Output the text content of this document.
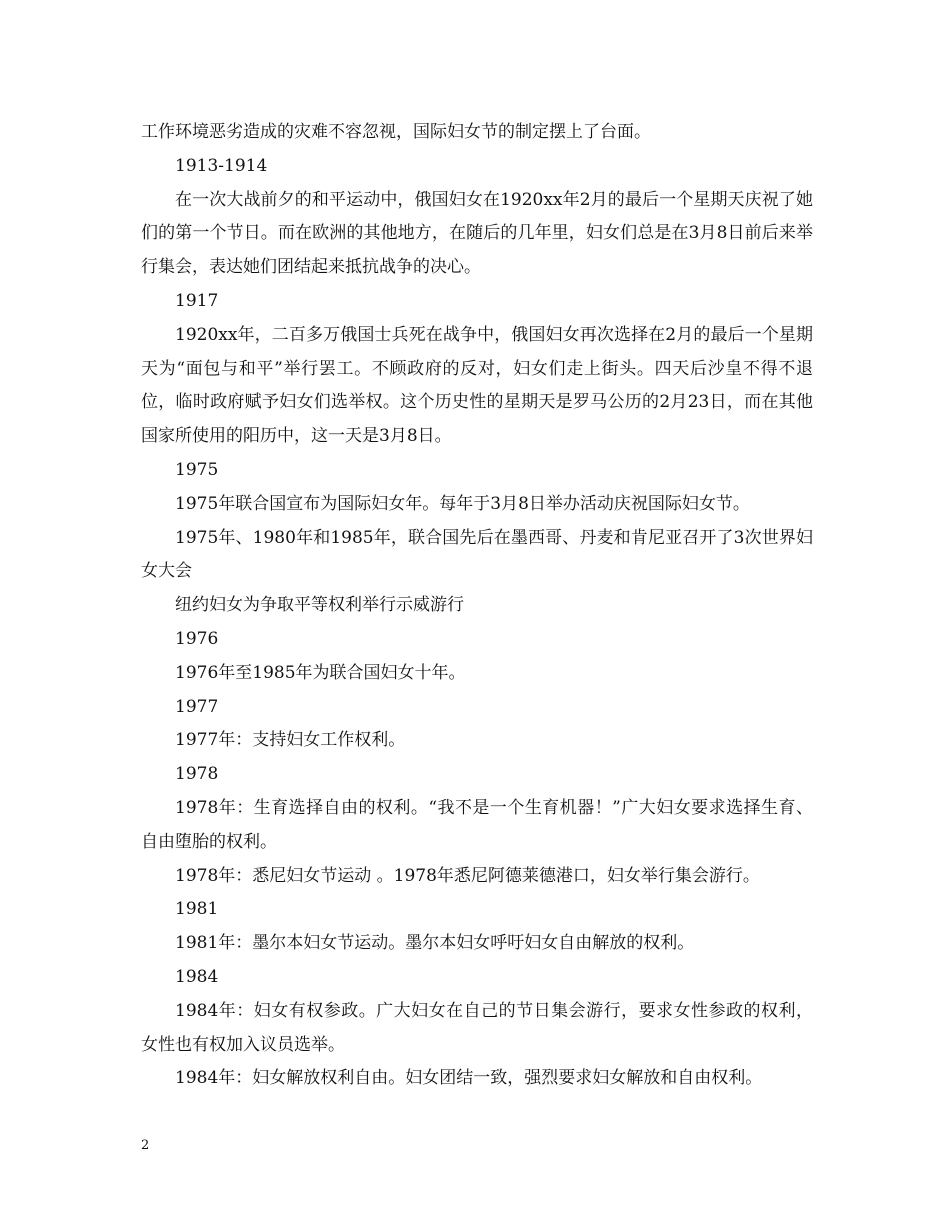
工作环境恶劣造成的灾难不容忽视，国际妇女节的制定摆上了台面。

1913-1914

在一次大战前夕的和平运动中，俄国妇女在1920xx年2月的最后一个星期天庆祝了她们的第一个节日。而在欧洲的其他地方，在随后的几年里，妇女们总是在3月8日前后来举行集会，表达她们团结起来抵抗战争的决心。

1917

1920xx年，二百多万俄国士兵死在战争中，俄国妇女再次选择在2月的最后一个星期天为“面包与和平”举行罢工。不顾政府的反对，妇女们走上街头。四天后沙皇不得不退位，临时政府赋予妇女们选举权。这个历史性的星期天是罗马公历的2月23日，而在其他国家所使用的阳历中，这一天是3月8日。

1975

1975年联合国宣布为国际妇女年。每年于3月8日举办活动庆祝国际妇女节。

1975年、1980年和1985年，联合国先后在墨西哥、丹麦和肯尼亚召开了3次世界妇女大会

纽约妇女为争取平等权利举行示威游行

1976

1976年至1985年为联合国妇女十年。

1977

1977年：支持妇女工作权利。

1978

1978年：生育选择自由的权利。“我不是一个生育机器！”广大妇女要求选择生育、自由堕胎的权利。

1978年：悉尼妇女节运动 。1978年悉尼阿德莱德港口，妇女举行集会游行。

1981

1981年：墨尔本妇女节运动。墨尔本妇女呼吁妇女自由解放的权利。

1984

1984年：妇女有权参政。广大妇女在自己的节日集会游行，要求女性参政的权利，女性也有权加入议员选举。

1984年：妇女解放权利自由。妇女团结一致，强烈要求妇女解放和自由权利。

2
